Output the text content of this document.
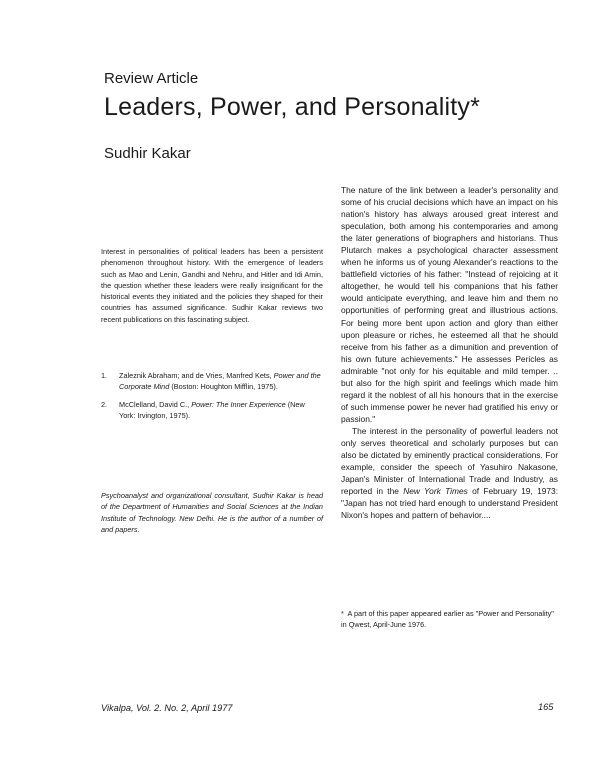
Review Article
Leaders, Power, and Personality*
Sudhir Kakar
Interest in personalities of political leaders has been a persistent phenomenon throughout history. With the emergence of leaders such as Mao and Lenin, Gandhi and Nehru, and Hitler and Idi Amin, the question whether these leaders were really insignificant for the historical events they initiated and the policies they shaped for their countries has assumed significance. Sudhir Kakar reviews two recent publications on this fascinating subject.
1. Zaleznik Abraham; and de Vries, Manfred Kets, Power and the Corporate Mind (Boston: Houghton Mifflin, 1975).
2. McClelland, David C., Power: The Inner Experience (New York: Irvington, 1975).
Psychoanalyst and organizational consultant, Sudhir Kakar is head of the Department of Humanities and Social Sciences at the Indian Institute of Technology. New Delhi. He is the author of a number of and papers.

The nature of the link between a leader's personality and some of his crucial decisions which have an impact on his nation's history has always aroused great interest and speculation, both among his contemporaries and among the later generations of biographers and historians. Thus Plutarch makes a psychological character assessment when he informs us of young Alexander's reactions to the battlefield victories of his father: "Instead of rejoicing at it altogether, he would tell his companions that his father would anticipate everything, and leave him and them no opportunities of performing great and illustrious actions. For being more bent upon action and glory than either upon pleasure or riches, he esteemed all that he should receive from his father as a dimunition and prevention of his own future achievements." He assesses Pericles as admirable "not only for his equitable and mild temper. .. but also for the high spirit and feelings which made him regard it the noblest of all his honours that in the exercise of such immense power he never had gratified his envy or passion."

The interest in the personality of powerful leaders not only serves theoretical and scholarly purposes but can also be dictated by eminently practical considerations. For example, consider the speech of Yasuhiro Nakasone, Japan's Minister of International Trade and Industry, as reported in the New York Times of February 19, 1973: "Japan has not tried hard enough to understand President Nixon's hopes and pattern of behavior....

* A part of this paper appeared earlier as "Power and Personality" in Qwest, April-June 1976.
Vikalpa, Vol. 2. No. 2, April 1977	165
